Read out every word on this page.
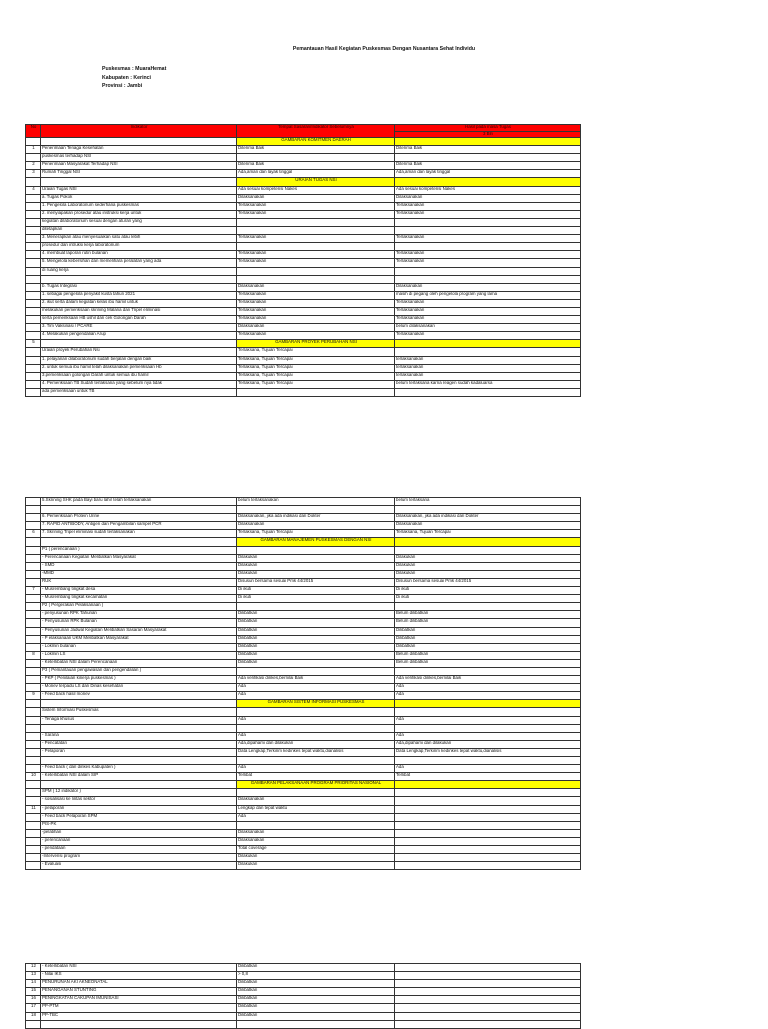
Pemantauan Hasil Kegiatan Puskesmas Dengan Nusantara Sehat Individu
Puskesmas : MuaraHemat
Kabupaten : Kerinci
Provinsi : Jambi
No	Indikator	Tempat Sasaran/Indikator Sebelumnya	Hasil pada masa Tugas
			3 Bln
		GAMBARAN KOMITMEN DAERAH	
1	Penerimaan Tenaga Kesehatan	Diterima Baik	Diterima Baik
	puskesmas terhadap NSI		
2	Penerimaan Masyarakat Terhadap NSI	Diterima Baik	Diterima Baik
3	Rumah Tinggal NSI	Ada,aman dan layak tinggal	Ada,aman dan layak tinggal
		URAIAN TUGAS NSI	
4	Uraian Tugas NSI	Ada sesuai kompetensi Nakes	Ada sesuai kompetensi Nakes
	a. Tugas Pokok	Dilaksanakan	Dilaksanakan
	1. Pengelola Laboratorium sederhana puskesmas	Terlaksanakan	Terlaksanakan
	2. menyiapakan prosedur atau instruksi kerja untuk	Terlaksanakan	Terlaksanakan
	kegiatan dilaboratorium sesuai dengan aturan yang		
	ditetapkan		
	3. Menerapkan atau menyesuaikan satu atau lebih	Terlaksanakan	Terlaksanakan
	prosedur dan intruksi kerja laboratorium		
	4. membuat laporan rutin bulanan	Terlaksanakan	Terlaksanakan
	5. Mengelola kebersihan dan memelihara peralatan yang ada	Terlaksanakan	Terlaksanakan
	di ruang kerja		

	b. Tugas Integrasi	Dilaksanakan	Dilaksanakan
	1. sebagai pengelola penyakit kusta tahun 2021	Terlaksanakan	masih di pegang oleh pengelola program yang lama
	2. ikut serta dalam kegiatan kelas ibu hamil untuk	Terlaksanakan	Terlaksanakan
	melakukan pemeriksaan skrining Malaria dan Tripel eliminasi	Terlaksanakan	Terlaksanakan
	serta pemeriksaan HB ushil dan cek Golongan Darah	Terlaksanakan	Terlaksanakan
	3. Tim Vaksinasi / PCARE	Dilaksanakan	belum dilaksanakan
	4. Melakukan pengendalian Arup	Terlaksanakan	Terlaksanakan
5		GAMBARAN PROYEK PERUBAHAN NSI	
	Uraian proyek Perubahan Nsi	Terlaksana, Tujuan Tercapai	
	1. pelayanan dilaboratorium sudah berjalan dengan baik	Terlaksana, Tujuan Tercapai	terlaksanakan
	2. untuk semua ibu hamil telah dilaksanakan pemeriksaan Hb	Terlaksana, Tujuan Tercapai	terlaksanakan
	3.pemeriksaan golongan Darah untuk semua ibu hamil	Terlaksana, Tujuan Tercapai	terlaksanakan
	4. Pemeriksaan TB Sudah terlaksana yang sebelum nya tidak	Terlaksana, Tujuan Tercapai	belum terlaksana karna reagen sudah kadaluarsa
	ada pemeriksaan untuk TB		
	5.Skrining SHK pada Bayi baru lahir telah terlaksanakan	belum terlaksanakan	belum terlaksana

	6. Pemeriksaan Protein Urine	Dilaksanakan, jika ada indikasi dari Dokter	Dilaksanakan, jika ada indikasi dari Dokter
	7. RAPID ANTIBODY, Antigen dan Pengambilan sampel PCR	Dilaksanakan	Dilaksanakan
6	7. Skrining Tripel eliminasi sudah terlaksanakan	Terlaksana, Tujuan Tercapai	Terlaksana, Tujuan Tercapai
		GAMBARAN MANAJEMEN PUSKESMAS DENGAN NSI	
	P1 ( perencanaan )		
	- Perencanaan Kegiatan Melibatkan Masyarakat	Dilakukan	Dilakukan
	- SMD	Dilakukan	Dilakukan
	-MMD	Dilakukan	Dilakukan
	RUK	Disusun bersama sesuai Pmk 44/2015	Disusun bersama sesuai Pmk 44/2015
7	- Musrembang tingkat desa	Di ikuti	Di ikuti
	- Musrembang tingkat kecamatan	Di ikuti	Di ikuti
	P2 ( Pergerakan Pelaksanaan )		
	- penyusunan RPK Tahunan	Dilibatkan	Belum dilibatkan
	- Penyusunan RPK Bulanan	Dilibatkan	Belum dilibatkan
	- Penyusunan Jadwal Kegiatan Melibatkan Sasaran Masyarakat	Dilibatkan	Dilibatkan
	- P elaksanaan UKM Melibatkan Masyarakat	Dilibatkan	Dilibatkan
	- Lokmin bulanan	Dilibatkan	Dilibatkan
8	- Lokmin LS	Dilibatkan	Belum dilibatkan
	- Keterlibatan NSI dalam Perencanaan	Dilibatkan	Belum dilibatkan
	P3 ( Pemantauan pengawasan dan pengendalian )		
	- PKP ( Penilaian kinerja puskesmas )	Ada verifikasi dinkes,bernilai Baik	Ada verifikasi dinkes,bernilai Baik
	- Monev terpadu LS dari Dinas kesehatan	Ada	Ada
9	- Feed back hasil monev	Ada	Ada
		GAMBARAN SISTEM INFORMASI PUSKESMAS	
	Sistem Informasi Puskesmas		
	- Tenaga khusus	Ada	Ada

	- Sarana	Ada	Ada
	- Pencatatan	Ada,dipahami dan dilakukan	Ada,dipahami dan dilakukan
	- Pelaporan	Data Lengkap,Terkirim kedinkes tepat waktu,dianalisis	Data Lengkap,Terkirim kedinkes tepat waktu,dianalisis

	- Feed back ( dari dinkes Kabupaten )	Ada	Ada
10	- Keterlibatan NSI dalam SIP	Terlibat	Terlibat
		GAMBARAN PELAKSANAAN PROGRAM PRIORITAS NASIONAL	
	SPM ( 12 indikator )		
	- sosialisasi ke lintas sektor	Dilaksanakan	
11	- pelaporan	Lengkap dan tepat waktu	
	- Feed back Pelaporan SPM	Ada	
	PIS-PK		
	-pelatihan	Dilaksanakan	
	- perencanaan	Dilaksanakan	
	- pendataan	Total coverage	
	-Intervensi program	Dilakukan	
	- Evaluasi	Dilakukan	
12	- Keterlibatan NSI	Dilibatkan	
13	- Nilai IKS	> 0,8	
14	PENURUNAN AKI AKNEONATAL	Dilibatkan	
15	PENANGANAN STUNTING	Dilibatkan	
16	PENINGKATAN CAKUPAN IMUNISASI	Dilibatkan	
17	PP-PTM	Dilibatkan	
18	PP-TBC	Dilibatkan	
